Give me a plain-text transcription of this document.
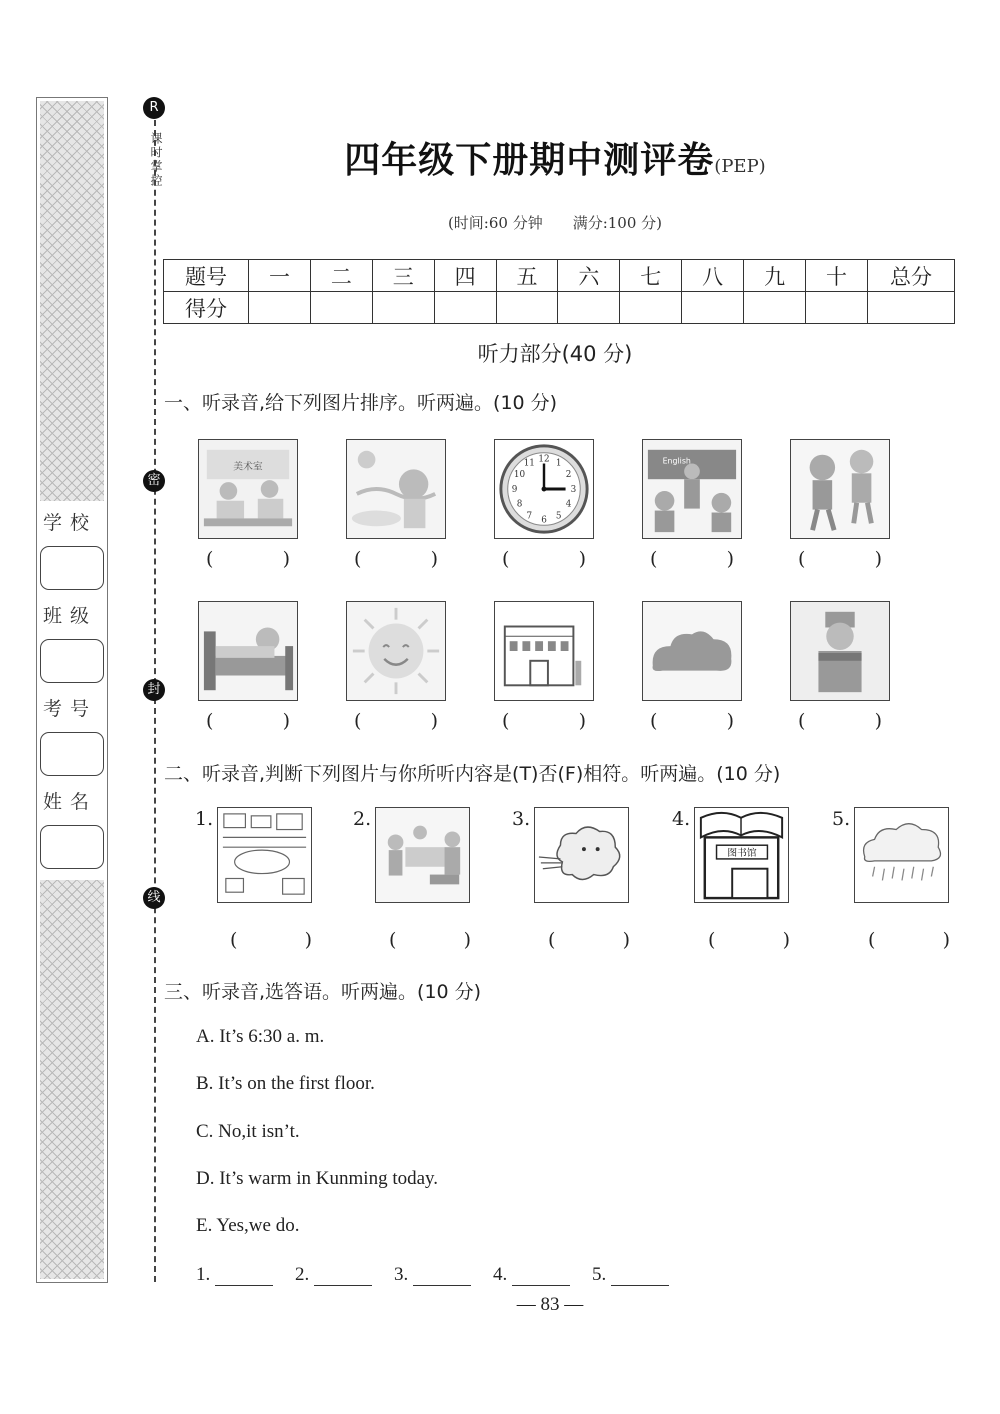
学校
班级
考号
姓名
R
课时掌控
密
封
线
四年级下册期中测评卷(PEP)
(时间:60 分钟　　满分:100 分)
题号	一	二	三	四	五	六	七	八	九	十	总分
得分											
听力部分(40 分)
一、听录音,给下列图片排序。听两遍。(10 分)
美术室
12 1
2
3
4
5
6
7
8
9
10
11	English
(	)	(	)	(	)	(	)	(	)
(	)	(	)	(	)	(	)	(	)
二、听录音,判断下列图片与你所听内容是(T)否(F)相符。听两遍。(10 分)
1.	2.	3.	4.
图书馆
5.
(	)	(	)	(	)	(	)	(	)
三、听录音,选答语。听两遍。(10 分)
A. It’s 6:30 a. m.
B. It’s on the first floor.
C. No,it isn’t.
D. It’s warm in Kunming today.
E. Yes,we do.
1.	2.	3.	4.	5.
— 83 —
